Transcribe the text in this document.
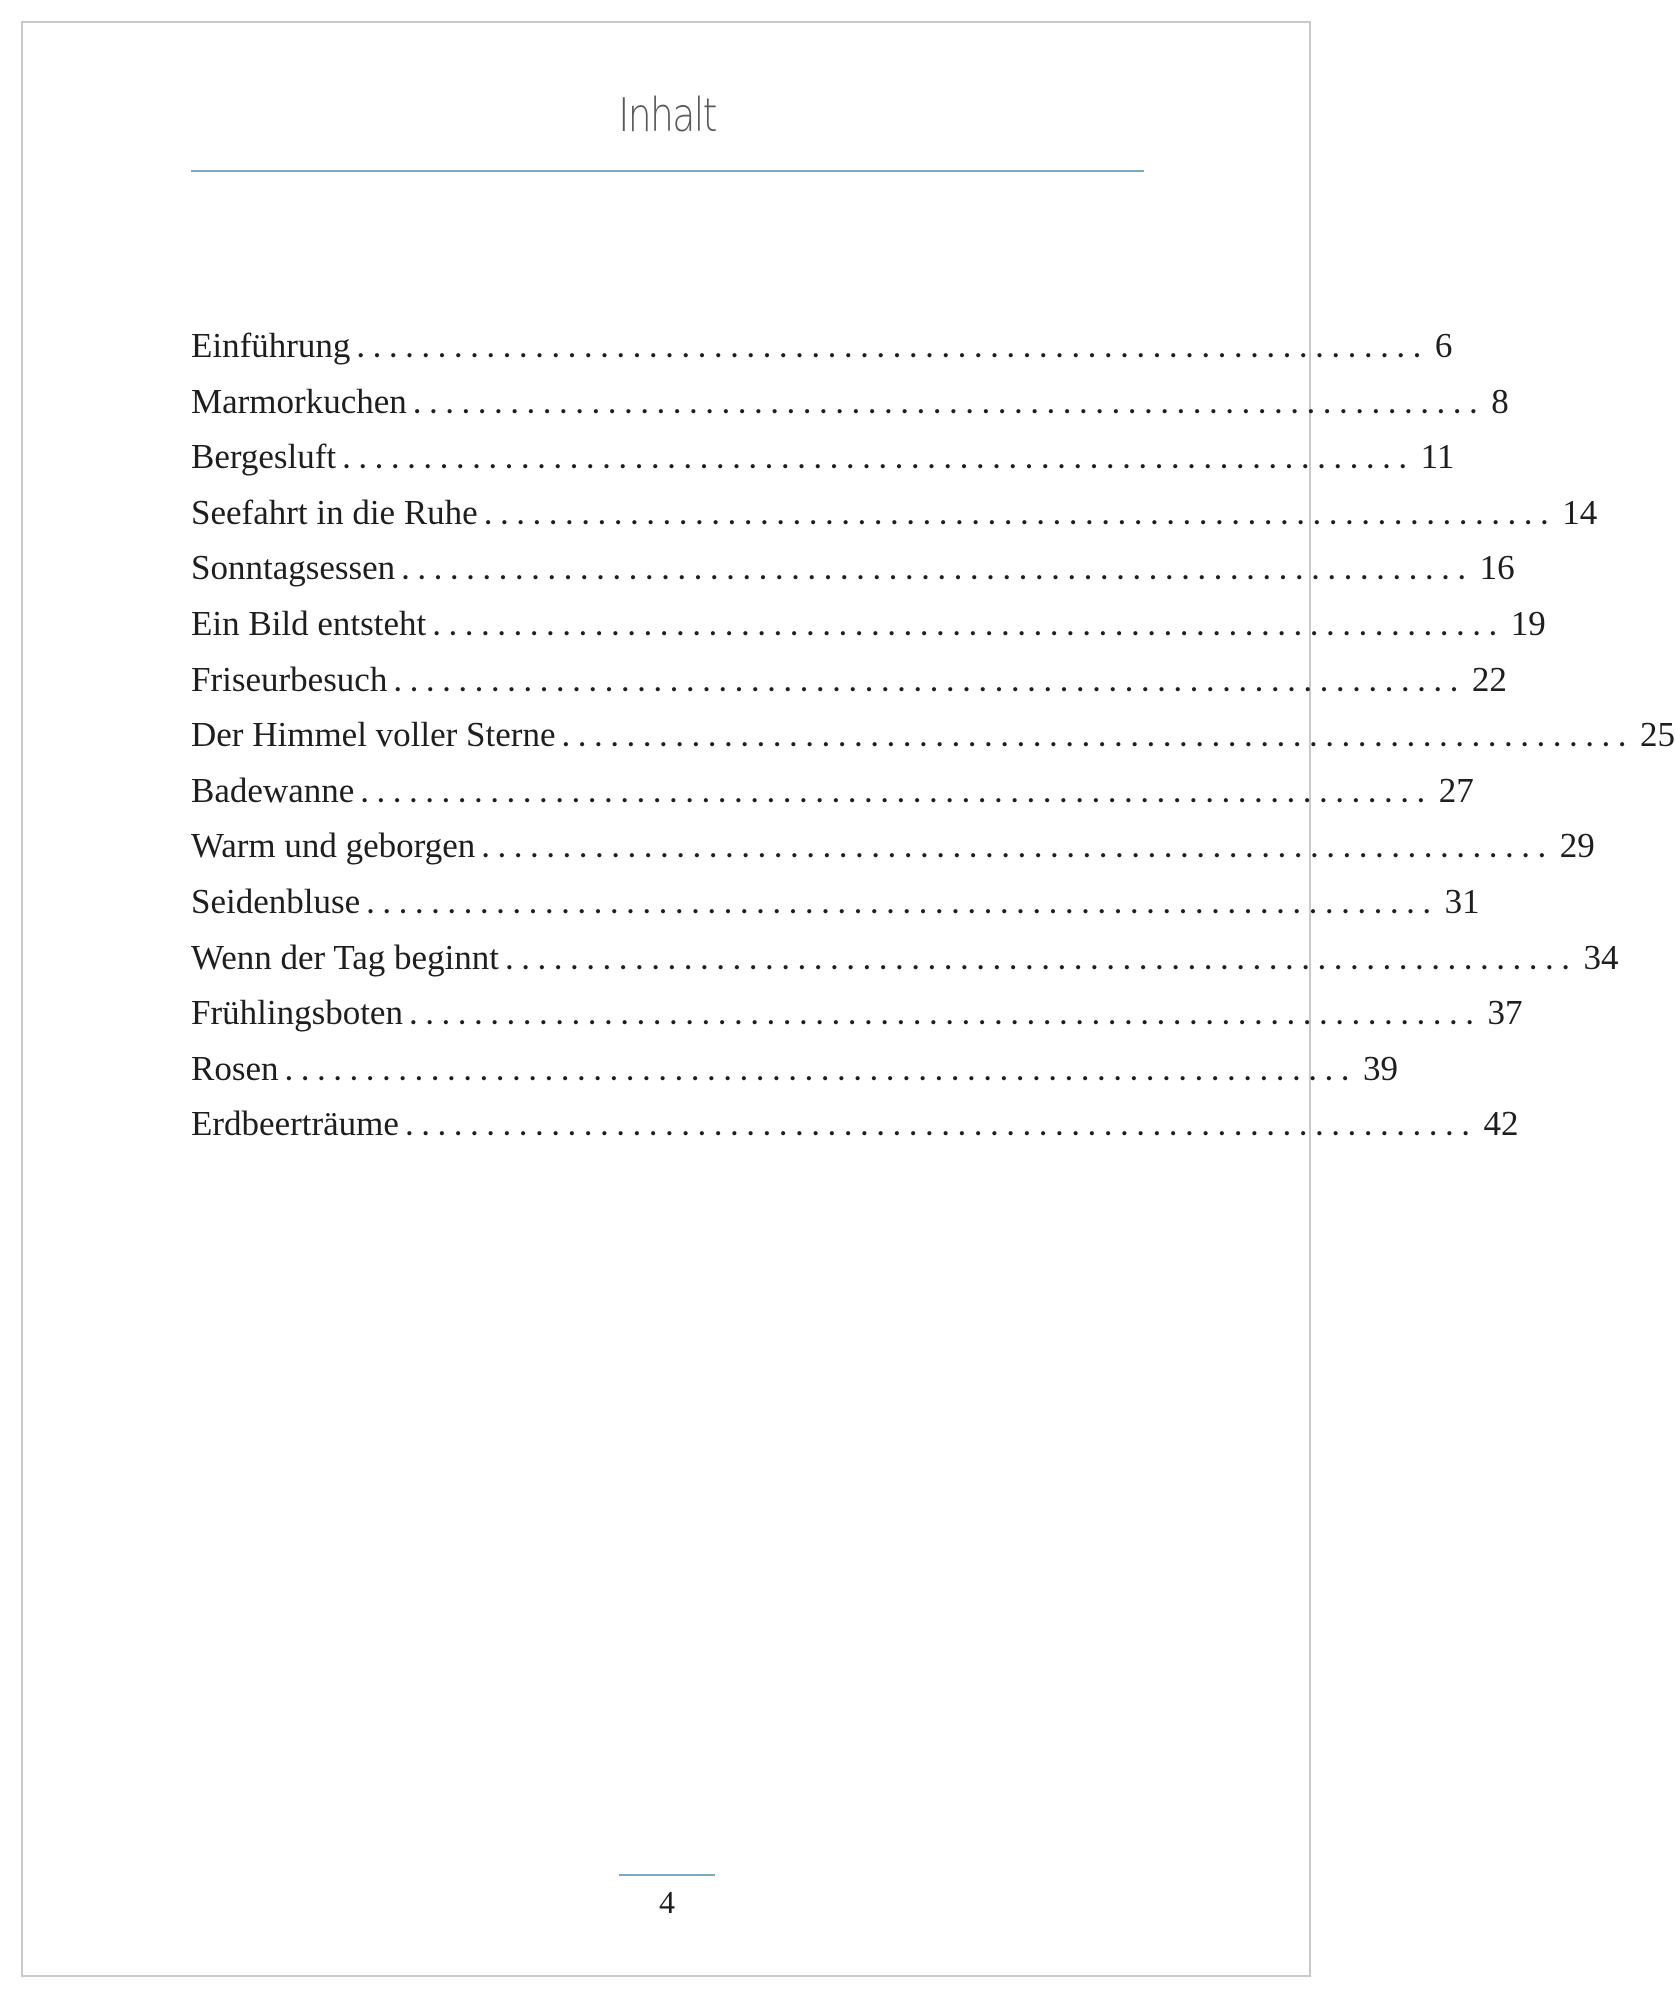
Inhalt
Einführung .................................................................. 6
Marmorkuchen .................................................................. 8
Bergesluft .................................................................. 11
Seefahrt in die Ruhe .................................................................. 14
Sonntagsessen .................................................................. 16
Ein Bild entsteht .................................................................. 19
Friseurbesuch .................................................................. 22
Der Himmel voller Sterne .................................................................. 25
Badewanne .................................................................. 27
Warm und geborgen .................................................................. 29
Seidenbluse .................................................................. 31
Wenn der Tag beginnt .................................................................. 34
Frühlingsboten .................................................................. 37
Rosen .................................................................. 39
Erdbeerträume .................................................................. 42
4
